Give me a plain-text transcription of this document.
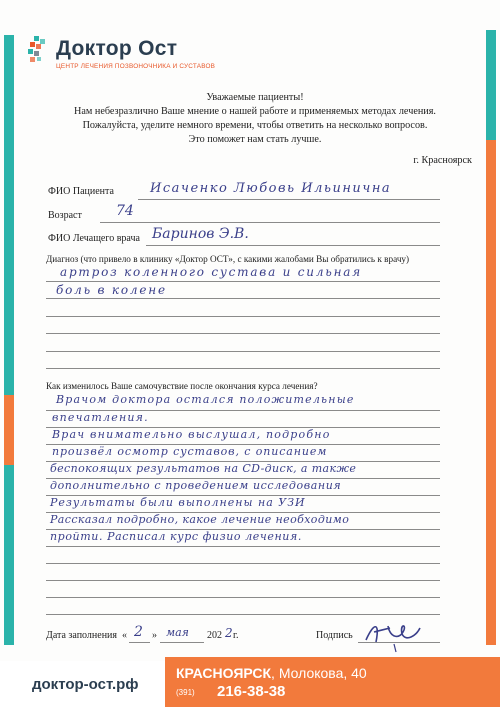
Доктор Ост
ЦЕНТР ЛЕЧЕНИЯ ПОЗВОНОЧНИКА И СУСТАВОВ
Уважаемые пациенты!
Нам небезразлично Ваше мнение о нашей работе и применяемых методах лечения.
Пожалуйста, уделите немного времени, чтобы ответить на несколько вопросов.
Это поможет нам стать лучше.
г. Красноярск
ФИО Пациента	Исаченко Любовь Ильинична
Возраст 74
ФИО Лечащего врача Баринов Э.В.
Диагноз (что привело в клинику «Доктор ОСТ», с какими жалобами Вы обратились к врачу)
артроз коленного сустава и сильная
боль в колене
Как изменилось Ваше самочувствие после окончания курса лечения?
Врачом доктора остался положительные
впечатления.
Врач внимательно выслушал, подробно
произвёл осмотр суставов, с описанием
беспокоящих результатов на CD-диск, а также
дополнительно с проведением исследования
Результаты были выполнены на УЗИ
Рассказал подробно, какое лечение необходимо
пройти. Расписал курс физио лечения.
Дата заполнения « 2 » мая 202 2 г.	Подпись
Ив
доктор-ост.рф
КРАСНОЯРСК, Молокова, 40
(391) 216-38-38
